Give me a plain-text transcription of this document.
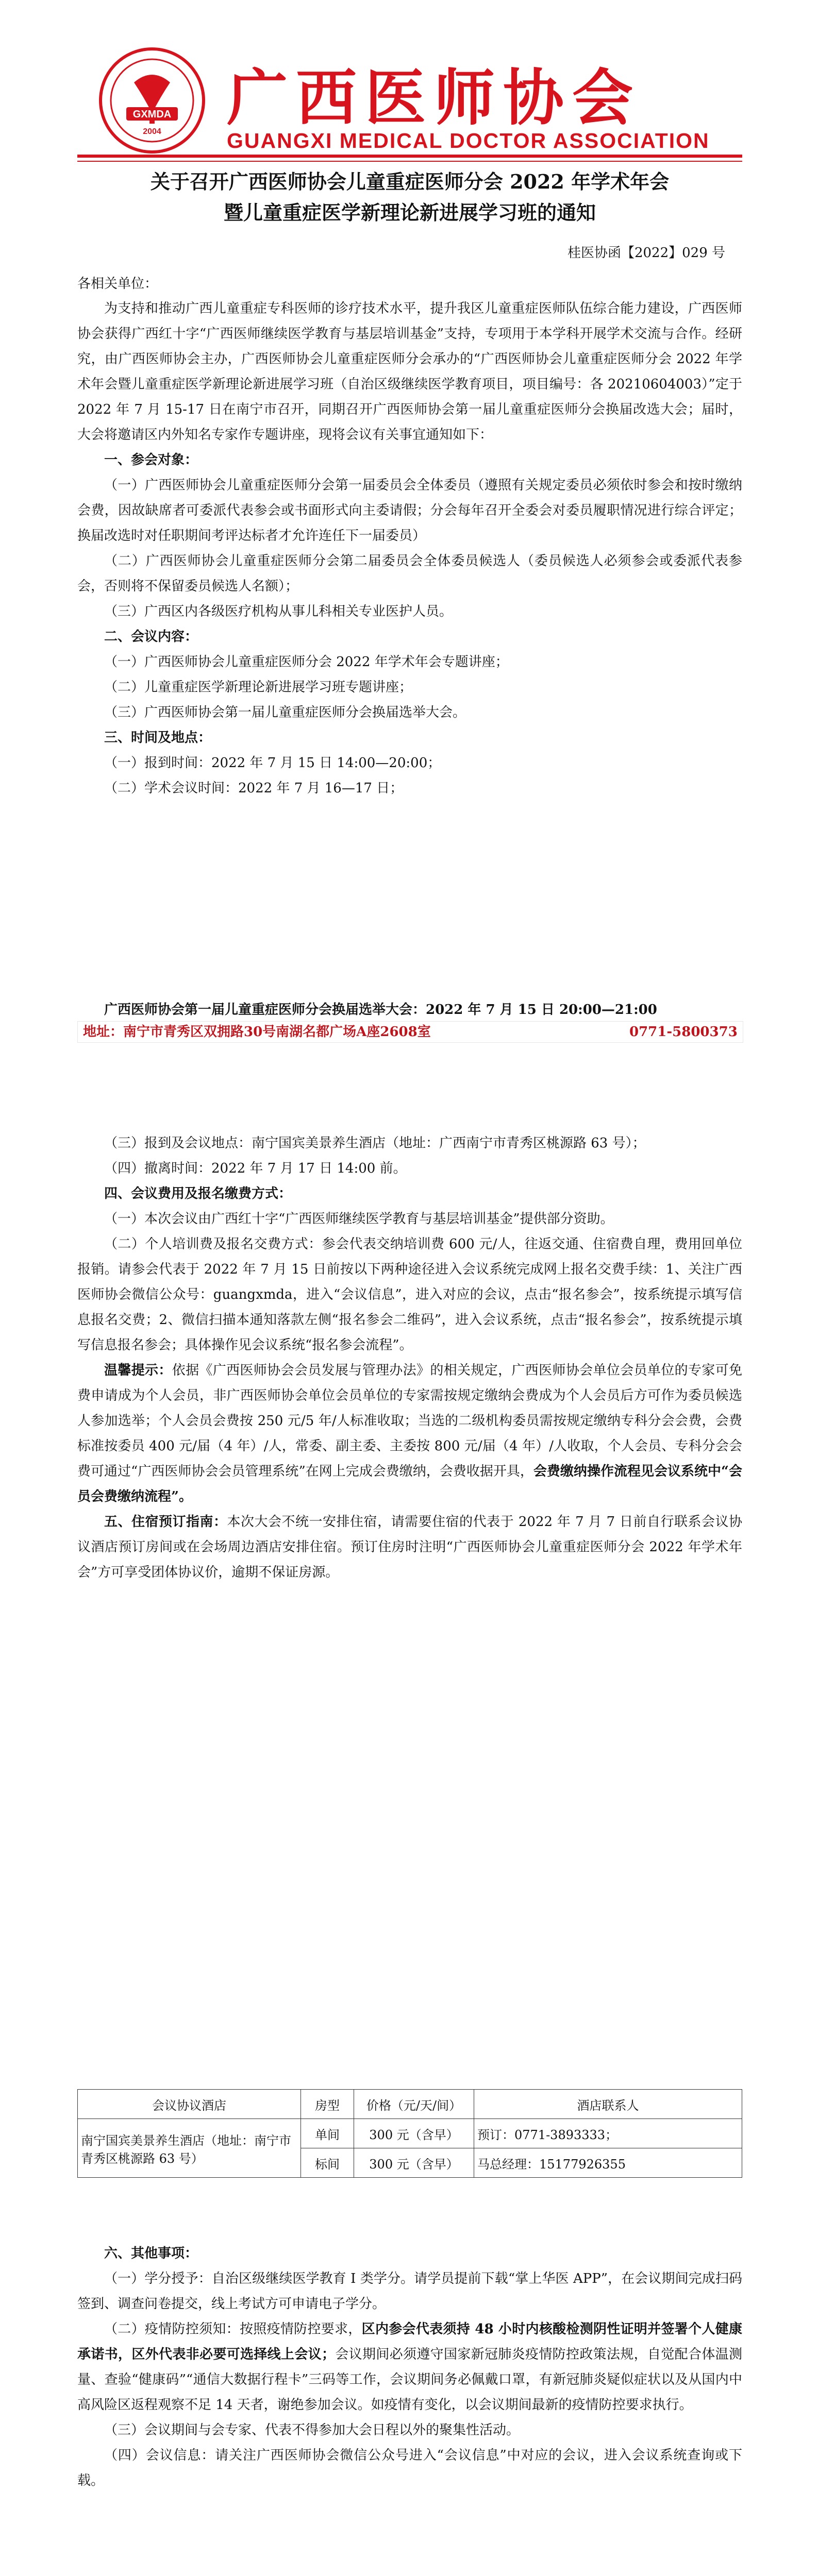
GXMDA
2004 广西医师协会
GUANGXI MEDICAL DOCTOR ASSOCIATION
关于召开广西医师协会儿童重症医师分会 2022 年学术年会
暨儿童重症医学新理论新进展学习班的通知
桂医协函【2022】029 号
各相关单位：

为支持和推动广西儿童重症专科医师的诊疗技术水平，提升我区儿童重症医师队伍综合能力建设，广西医师协会获得广西红十字“广西医师继续医学教育与基层培训基金”支持，专项用于本学科开展学术交流与合作。经研究，由广西医师协会主办，广西医师协会儿童重症医师分会承办的“广西医师协会儿童重症医师分会 2022 年学术年会暨儿童重症医学新理论新进展学习班（自治区级继续医学教育项目，项目编号：各 20210604003）”定于 2022 年 7 月 15-17 日在南宁市召开，同期召开广西医师协会第一届儿童重症医师分会换届改选大会；届时，大会将邀请区内外知名专家作专题讲座，现将会议有关事宜通知如下：

一、参会对象：

（一）广西医师协会儿童重症医师分会第一届委员会全体委员（遵照有关规定委员必须依时参会和按时缴纳会费，因故缺席者可委派代表参会或书面形式向主委请假；分会每年召开全委会对委员履职情况进行综合评定；换届改选时对任职期间考评达标者才允许连任下一届委员）

（二）广西医师协会儿童重症医师分会第二届委员会全体委员候选人（委员候选人必须参会或委派代表参会，否则将不保留委员候选人名额）；

（三）广西区内各级医疗机构从事儿科相关专业医护人员。

二、会议内容：

（一）广西医师协会儿童重症医师分会 2022 年学术年会专题讲座；

（二）儿童重症医学新理论新进展学习班专题讲座；

（三）广西医师协会第一届儿童重症医师分会换届选举大会。

三、时间及地点：

（一）报到时间：2022 年 7 月 15 日 14:00—20:00；

（二）学术会议时间：2022 年 7 月 16—17 日；

广西医师协会第一届儿童重症医师分会换届选举大会：2022 年 7 月 15 日 20:00—21:00
地址：南宁市青秀区双拥路30号南湖名都广场A座2608室	0771-5800373

（三）报到及会议地点：南宁国宾美景养生酒店（地址：广西南宁市青秀区桃源路 63 号）；

（四）撤离时间：2022 年 7 月 17 日 14:00 前。

四、会议费用及报名缴费方式：

（一）本次会议由广西红十字“广西医师继续医学教育与基层培训基金”提供部分资助。

（二）个人培训费及报名交费方式：参会代表交纳培训费 600 元/人，往返交通、住宿费自理，费用回单位报销。请参会代表于 2022 年 7 月 15 日前按以下两种途径进入会议系统完成网上报名交费手续：1、关注广西医师协会微信公众号：guangxmda，进入“会议信息”，进入对应的会议，点击“报名参会”，按系统提示填写信息报名交费；2、微信扫描本通知落款左侧“报名参会二维码”，进入会议系统，点击“报名参会”，按系统提示填写信息报名参会；具体操作见会议系统“报名参会流程”。

温馨提示：依据《广西医师协会会员发展与管理办法》的相关规定，广西医师协会单位会员单位的专家可免费申请成为个人会员，非广西医师协会单位会员单位的专家需按规定缴纳会费成为个人会员后方可作为委员候选人参加选举；个人会员会费按 250 元/5 年/人标准收取；当选的二级机构委员需按规定缴纳专科分会会费，会费标准按委员 400 元/届（4 年）/人，常委、副主委、主委按 800 元/届（4 年）/人收取，个人会员、专科分会会费可通过“广西医师协会会员管理系统”在网上完成会费缴纳，会费收据开具，会费缴纳操作流程见会议系统中“会员会费缴纳流程”。

五、住宿预订指南：本次大会不统一安排住宿，请需要住宿的代表于 2022 年 7 月 7 日前自行联系会议协议酒店预订房间或在会场周边酒店安排住宿。预订住房时注明“广西医师协会儿童重症医师分会 2022 年学术年会”方可享受团体协议价，逾期不保证房源。

会议协议酒店	房型	价格（元/天/间）	酒店联系人
南宁国宾美景养生酒店（地址：南宁市青秀区桃源路 63 号）	单间	300 元（含早）	预订：0771-3893333；
	标间	300 元（含早）	马总经理：15177926355

六、其他事项：

（一）学分授予：自治区级继续医学教育 I 类学分。请学员提前下载“掌上华医 APP”，在会议期间完成扫码签到、调查问卷提交，线上考试方可申请电子学分。

（二）疫情防控须知：按照疫情防控要求，区内参会代表须持 48 小时内核酸检测阴性证明并签署个人健康承诺书，区外代表非必要可选择线上会议；会议期间必须遵守国家新冠肺炎疫情防控政策法规，自觉配合体温测量、查验“健康码”“通信大数据行程卡”三码等工作，会议期间务必佩戴口罩，有新冠肺炎疑似症状以及从国内中高风险区返程观察不足 14 天者，谢绝参加会议。如疫情有变化，以会议期间最新的疫情防控要求执行。

（三）会议期间与会专家、代表不得参加大会日程以外的聚集性活动。

（四）会议信息：请关注广西医师协会微信公众号进入“会议信息”中对应的会议，进入会议系统查询或下载。
